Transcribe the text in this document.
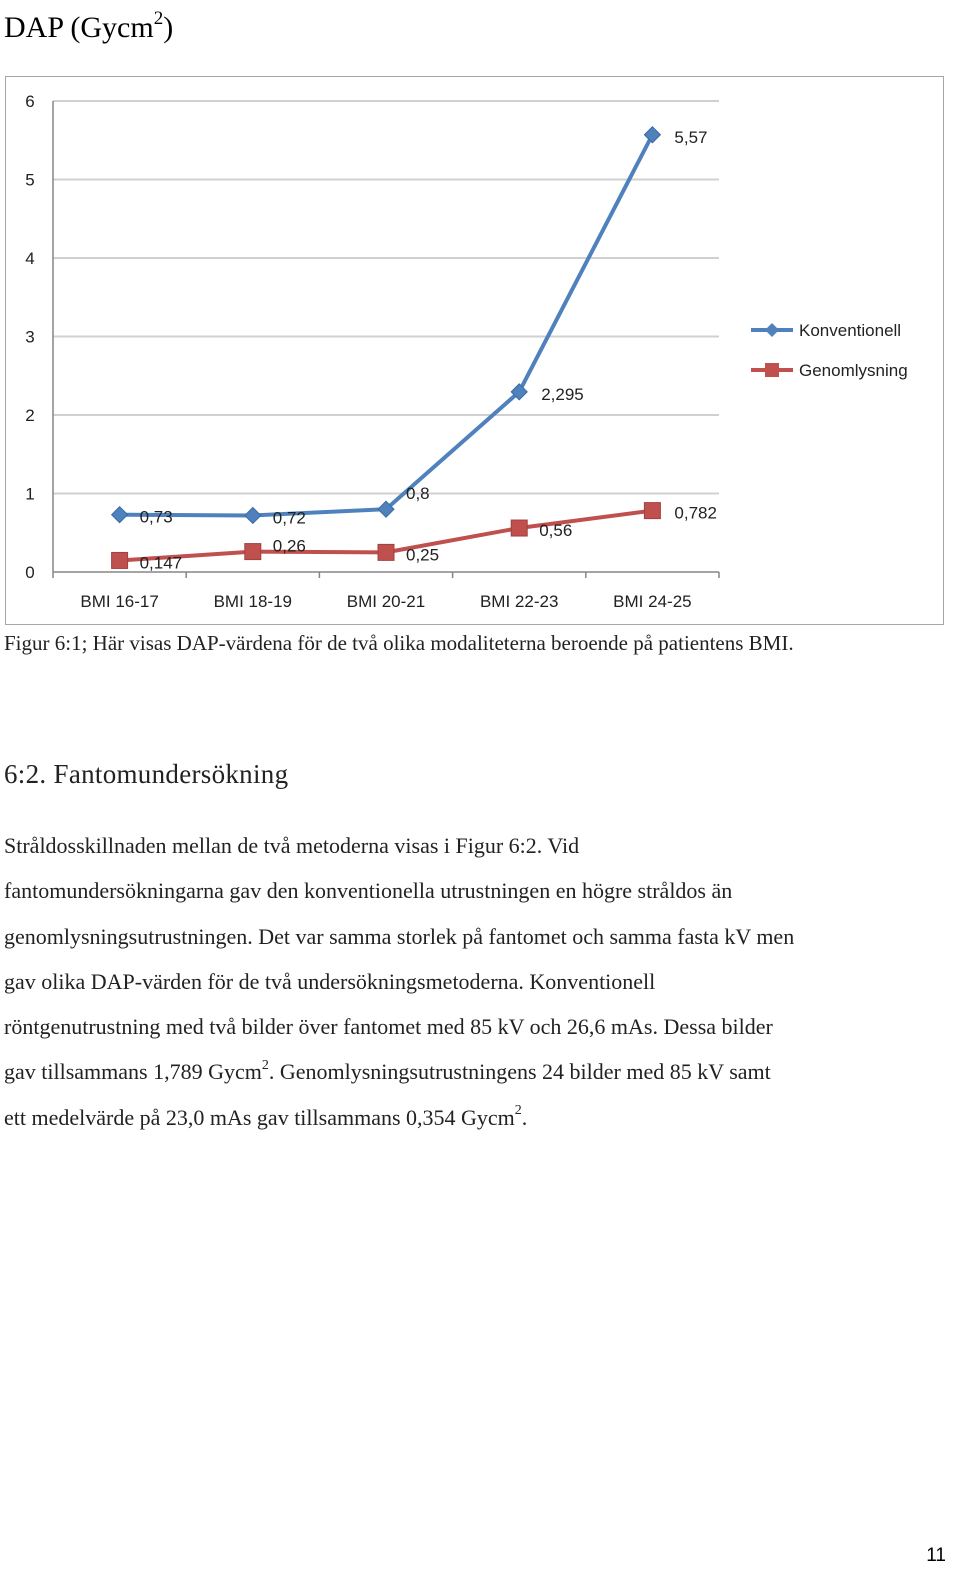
DAP (Gycm$^2$)
0
1
2
3
4
5
6
BMI 16-17	BMI 18-19	BMI 20-21	BMI 22-23	BMI 24-25
0,73	0,72
0,8
2,295
5,57
0,147
0,26	0,25
0,56
0,782
Konventionell
Genomlysning
Figur 6:1; Här visas DAP-värdena för de två olika modaliteterna beroende på patientens BMI.
6:2. Fantomundersökning
Stråldosskillnaden mellan de två metoderna visas i Figur 6:2. Vid
fantomundersökningarna gav den konventionella utrustningen en högre stråldos än
genomlysningsutrustningen. Det var samma storlek på fantomet och samma fasta kV men
gav olika DAP-värden för de två undersökningsmetoderna. Konventionell
röntgenutrustning med två bilder över fantomet med 85 kV och 26,6 mAs. Dessa bilder
gav tillsammans 1,789 Gycm$^2$. Genomlysningsutrustningens 24 bilder med 85 kV samt
ett medelvärde på 23,0 mAs gav tillsammans 0,354 Gycm$^2$.
11
